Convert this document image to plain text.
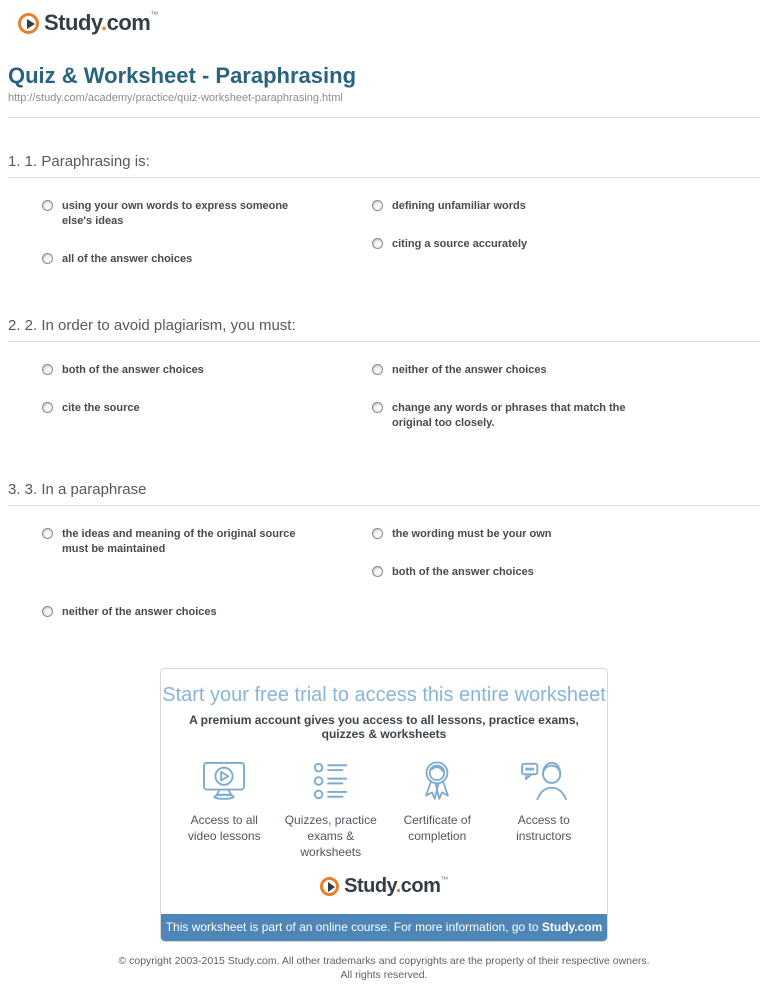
Study.com™
Quiz & Worksheet - Paraphrasing
http://study.com/academy/practice/quiz-worksheet-paraphrasing.html
1. 1. Paraphrasing is:
using your own words to express someone else's ideas
all of the answer choices
defining unfamiliar words
citing a source accurately
2. 2. In order to avoid plagiarism, you must:
both of the answer choices
cite the source
neither of the answer choices
change any words or phrases that match the original too closely.
3. 3. In a paraphrase
the ideas and meaning of the original source must be maintained
neither of the answer choices
the wording must be your own
both of the answer choices
Start your free trial to access this entire worksheet
A premium account gives you access to all lessons, practice exams, quizzes & worksheets
Access to all
video lessons
Quizzes, practice
exams & worksheets
Certificate of
completion
Access to
instructors
Study.com™
This worksheet is part of an online course. For more information, go to Study.com
© copyright 2003-2015 Study.com. All other trademarks and copyrights are the property of their respective owners.
All rights reserved.
